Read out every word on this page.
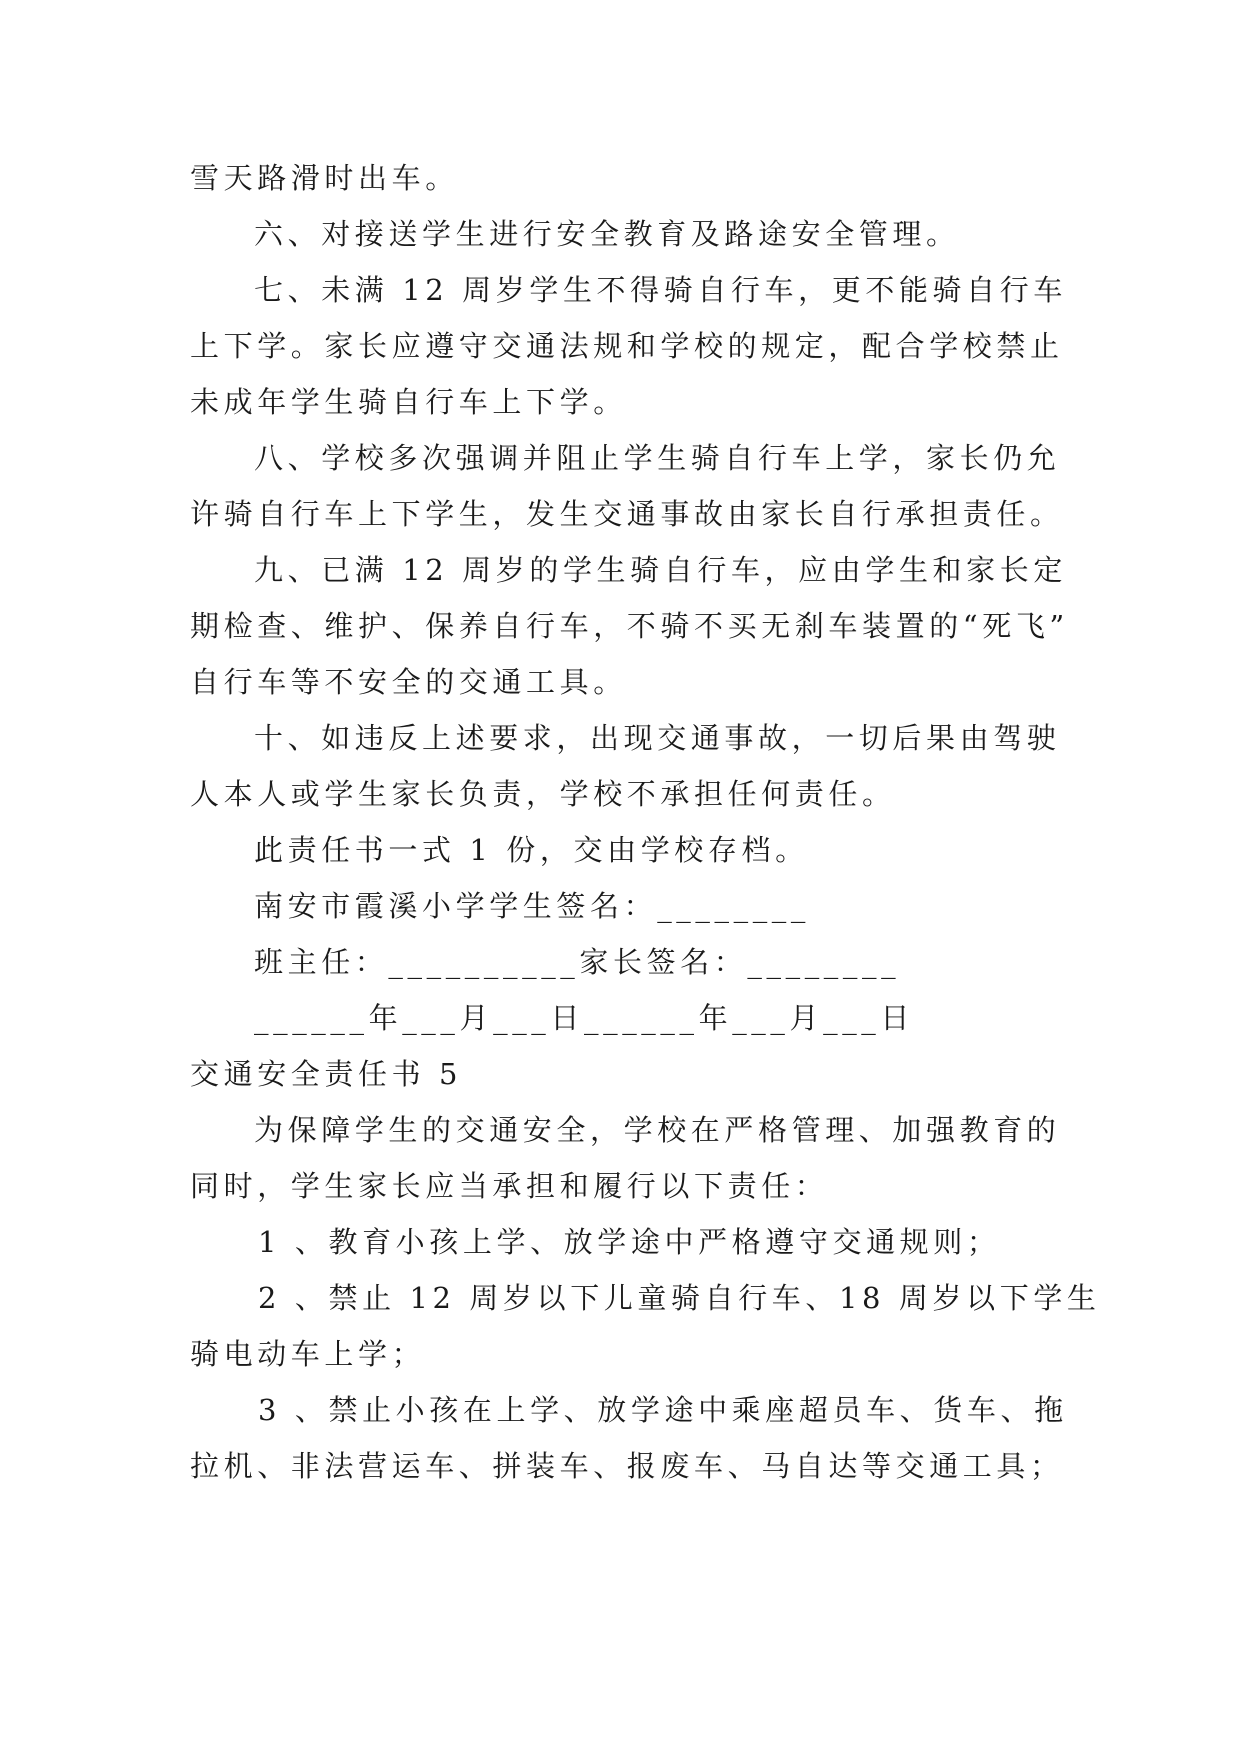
雪天路滑时出车。
六、对接送学生进行安全教育及路途安全管理。
七、未满 12 周岁学生不得骑自行车，更不能骑自行车
上下学。家长应遵守交通法规和学校的规定，配合学校禁止
未成年学生骑自行车上下学。
八、学校多次强调并阻止学生骑自行车上学，家长仍允
许骑自行车上下学生，发生交通事故由家长自行承担责任。
九、已满 12 周岁的学生骑自行车，应由学生和家长定
期检查、维护、保养自行车，不骑不买无刹车装置的“死飞”
自行车等不安全的交通工具。
十、如违反上述要求，出现交通事故，一切后果由驾驶
人本人或学生家长负责，学校不承担任何责任。
此责任书一式 1 份，交由学校存档。
南安市霞溪小学学生签名：________
班主任：__________家长签名：________
______年___月___日______年___月___日
交通安全责任书 5
为保障学生的交通安全，学校在严格管理、加强教育的
同时，学生家长应当承担和履行以下责任：
1 、教育小孩上学、放学途中严格遵守交通规则；
2 、禁止 12 周岁以下儿童骑自行车、18 周岁以下学生
骑电动车上学；
3 、禁止小孩在上学、放学途中乘座超员车、货车、拖
拉机、非法营运车、拼装车、报废车、马自达等交通工具；
